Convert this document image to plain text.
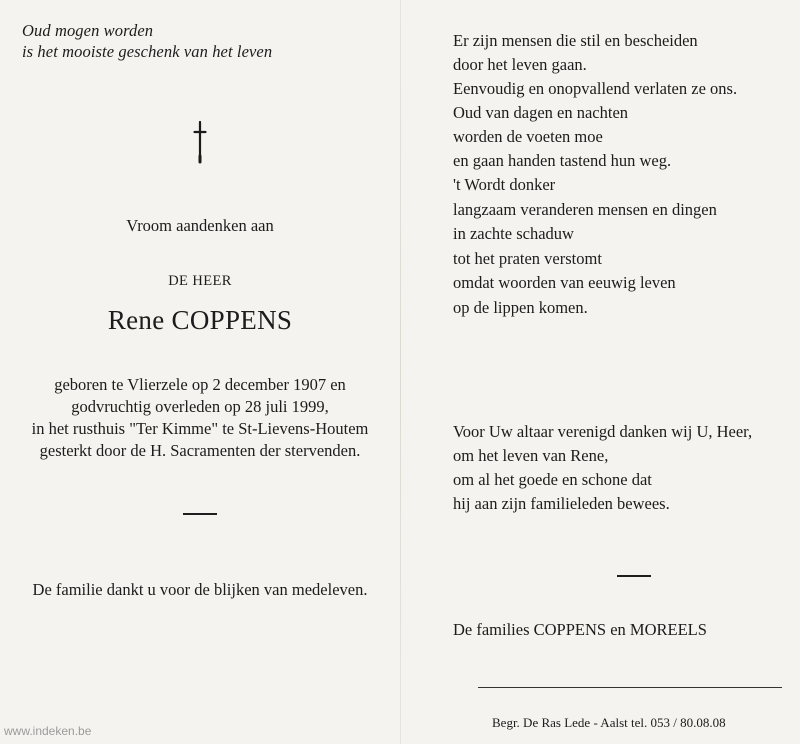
Oud mogen worden
is het mooiste geschenk van het leven
Vroom aandenken aan
DE HEER
Rene COPPENS
geboren te Vlierzele op 2 december 1907 en
godvruchtig overleden op 28 juli 1999,
in het rusthuis "Ter Kimme" te St-Lievens-Houtem
gesterkt door de H. Sacramenten der stervenden.
De familie dankt u voor de blijken van medeleven.
Er zijn mensen die stil en bescheiden
door het leven gaan.
Eenvoudig en onopvallend verlaten ze ons.
Oud van dagen en nachten
worden de voeten moe
en gaan handen tastend hun weg.
't Wordt donker
langzaam veranderen mensen en dingen
in zachte schaduw
tot het praten verstomt
omdat woorden van eeuwig leven
op de lippen komen.
Voor Uw altaar verenigd danken wij U, Heer,
om het leven van Rene,
om al het goede en schone dat
hij aan zijn familieleden bewees.
De families COPPENS en MOREELS
Begr. De Ras Lede - Aalst tel. 053 / 80.08.08
www.indeken.be
